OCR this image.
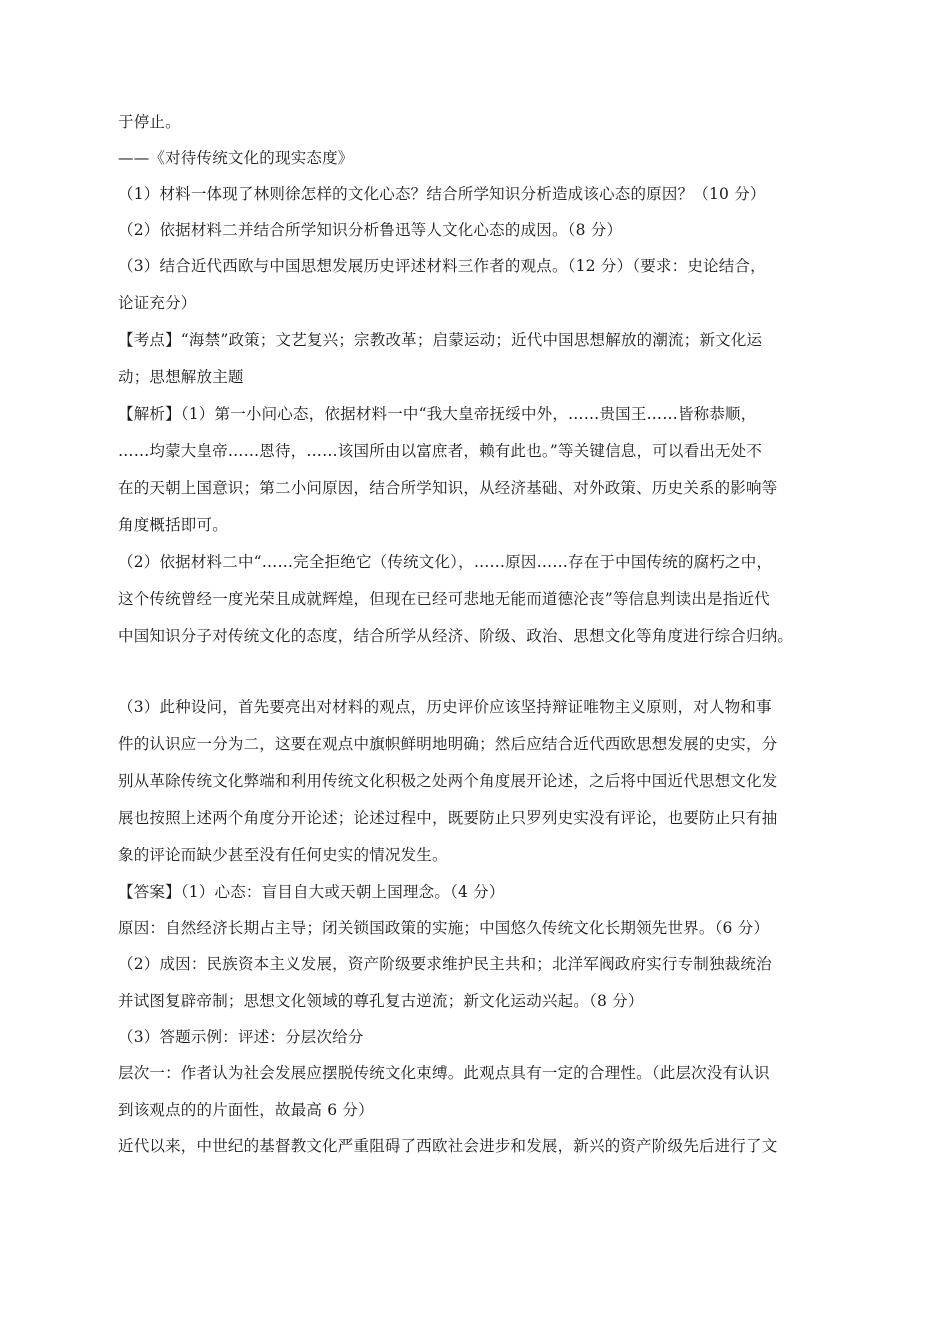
于停止。
——《对待传统文化的现实态度》
（1）材料一体现了林则徐怎样的文化心态？结合所学知识分析造成该心态的原因？（10 分）
（2）依据材料二并结合所学知识分析鲁迅等人文化心态的成因。（8 分）
（3）结合近代西欧与中国思想发展历史评述材料三作者的观点。（12 分）（要求：史论结合，
论证充分）
【考点】“海禁”政策；文艺复兴；宗教改革；启蒙运动；近代中国思想解放的潮流；新文化运
动；思想解放主题
【解析】（1）第一小问心态，依据材料一中“我大皇帝抚绥中外，……贵国王……皆称恭顺，
……均蒙大皇帝……恩待，……该国所由以富庶者，赖有此也。”等关键信息，可以看出无处不
在的天朝上国意识；第二小问原因，结合所学知识，从经济基础、对外政策、历史关系的影响等
角度概括即可。
（2）依据材料二中“……完全拒绝它（传统文化），……原因……存在于中国传统的腐朽之中，
这个传统曾经一度光荣且成就辉煌，但现在已经可悲地无能而道德沦丧”等信息判读出是指近代
中国知识分子对传统文化的态度，结合所学从经济、阶级、政治、思想文化等角度进行综合归纳。
（3）此种设问，首先要亮出对材料的观点，历史评价应该坚持辩证唯物主义原则，对人物和事
件的认识应一分为二，这要在观点中旗帜鲜明地明确；然后应结合近代西欧思想发展的史实，分
别从革除传统文化弊端和利用传统文化积极之处两个角度展开论述，之后将中国近代思想文化发
展也按照上述两个角度分开论述；论述过程中，既要防止只罗列史实没有评论，也要防止只有抽
象的评论而缺少甚至没有任何史实的情况发生。
【答案】（1）心态：盲目自大或天朝上国理念。（4 分）
原因：自然经济长期占主导；闭关锁国政策的实施；中国悠久传统文化长期领先世界。（6 分）
（2）成因：民族资本主义发展，资产阶级要求维护民主共和；北洋军阀政府实行专制独裁统治
并试图复辟帝制；思想文化领域的尊孔复古逆流；新文化运动兴起。（8 分）
（3）答题示例：评述：分层次给分
层次一：作者认为社会发展应摆脱传统文化束缚。此观点具有一定的合理性。（此层次没有认识
到该观点的的片面性，故最高 6 分）
近代以来，中世纪的基督教文化严重阻碍了西欧社会进步和发展，新兴的资产阶级先后进行了文
